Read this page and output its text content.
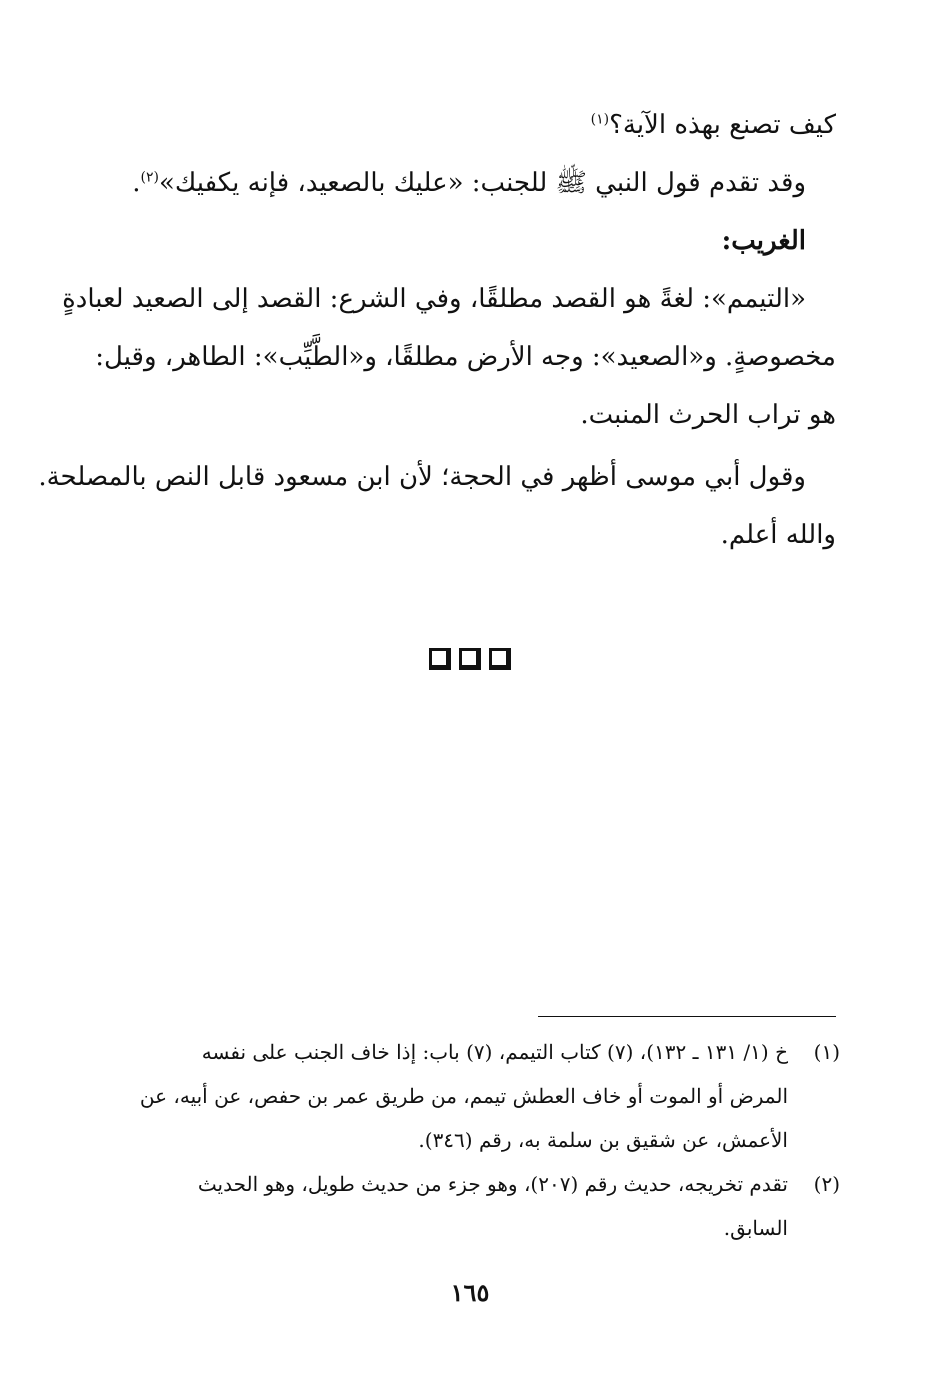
كيف تصنع بهذه الآية؟$^{(١)}$
وقد تقدم قول النبي ﷺ للجنب: «عليك بالصعيد، فإنه يكفيك»$^{(٢)}$.
الغريب:
«التيمم»: لغةً هو القصد مطلقًا، وفي الشرع: القصد إلى الصعيد لعبادةٍ
مخصوصةٍ. و«الصعيد»: وجه الأرض مطلقًا، و«الطَّيِّب»: الطاهر، وقيل:
هو تراب الحرث المنبت.
وقول أبي موسى أظهر في الحجة؛ لأن ابن مسعود قابل النص بالمصلحة.
والله أعلم.
(١)
خ (١/ ١٣١ ـ ١٣٢)، (٧) كتاب التيمم، (٧) باب: إذا خاف الجنب على نفسه
المرض أو الموت أو خاف العطش تيمم، من طريق عمر بن حفص، عن أبيه، عن
الأعمش، عن شقيق بن سلمة به، رقم (٣٤٦).
(٢)
تقدم تخريجه، حديث رقم (٢٠٧)، وهو جزء من حديث طويل، وهو الحديث
السابق.
١٦٥
